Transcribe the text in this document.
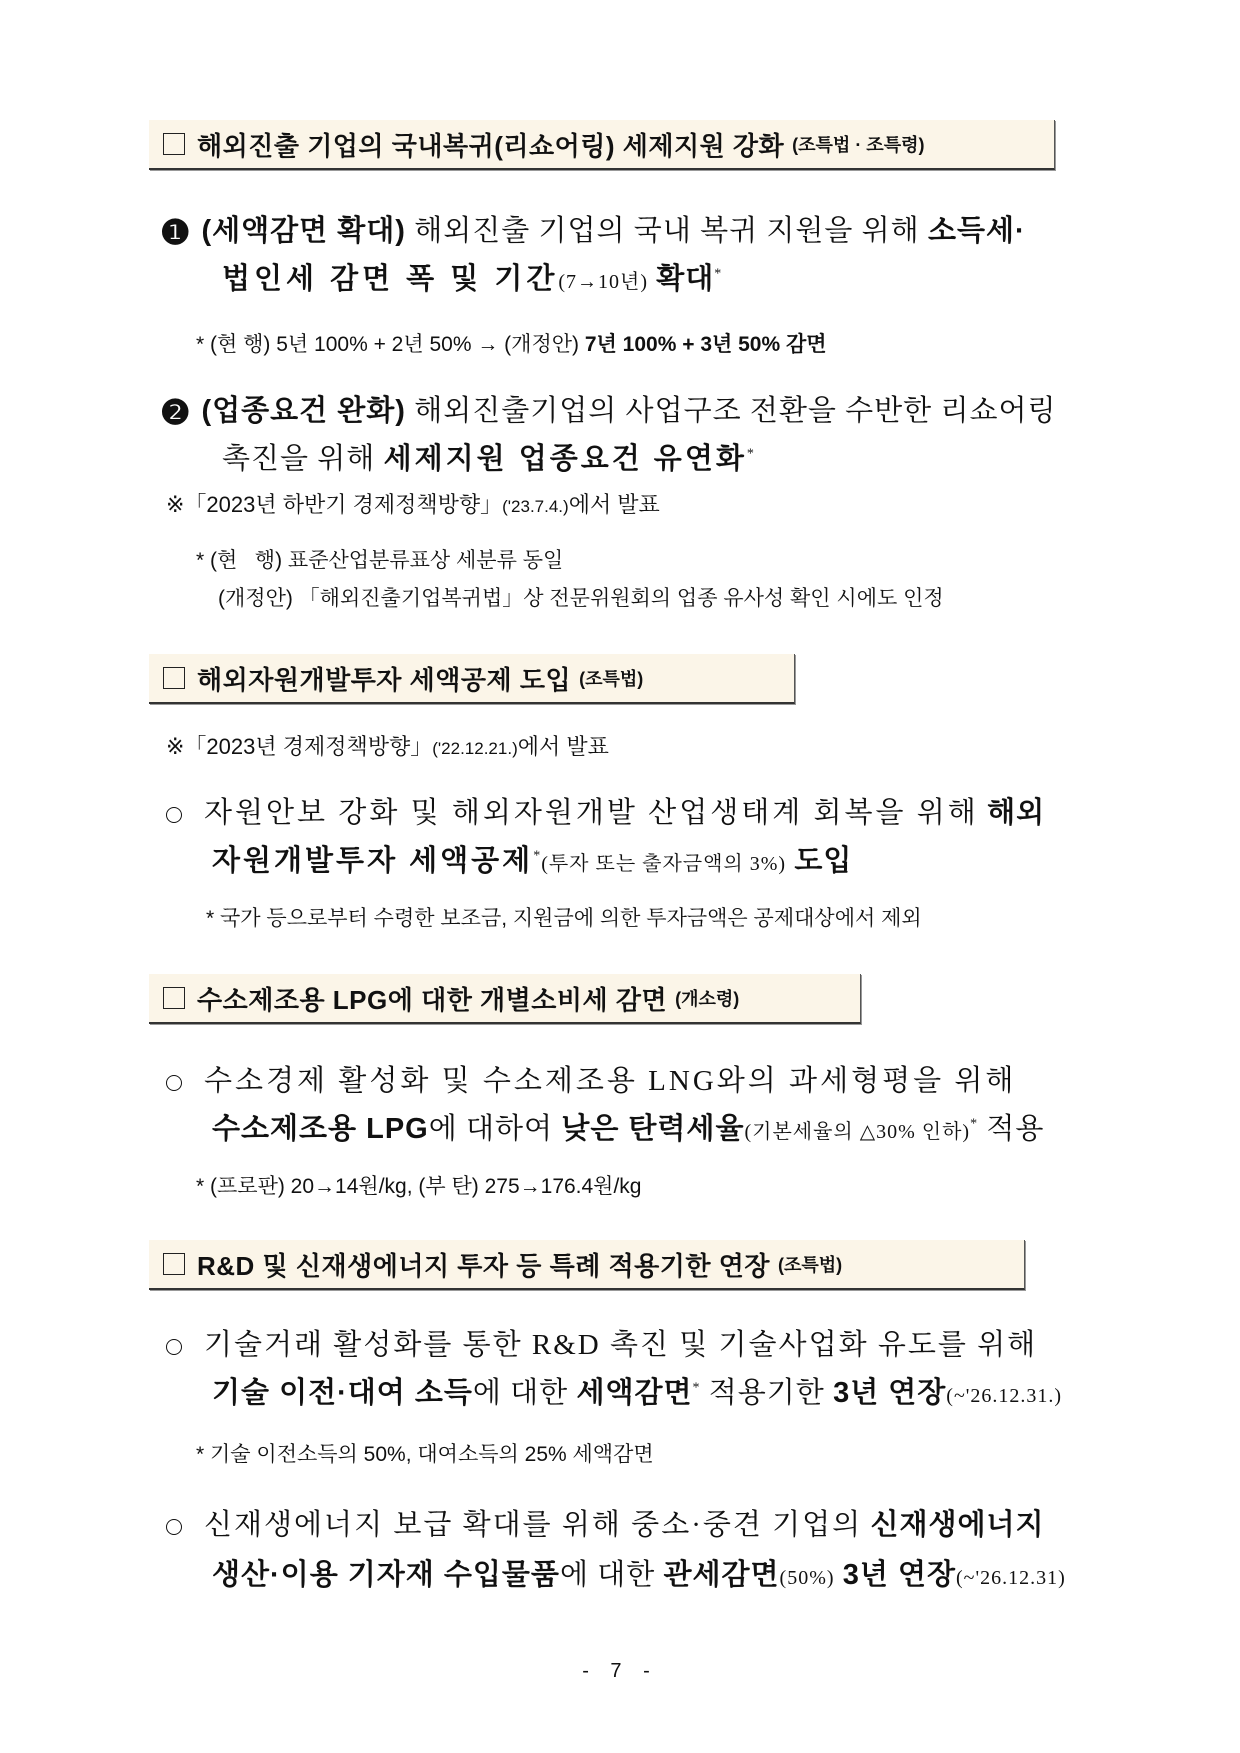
해외진출 기업의 국내복귀(리쇼어링) 세제지원 강화 (조특법 · 조특령)
❶ (세액감면 확대) 해외진출 기업의 국내 복귀 지원을 위해 소득세·
법인세 감면 폭 및 기간(7→10년) 확대*
* (현 행) 5년 100% + 2년 50% → (개정안) 7년 100% + 3년 50% 감면
❷ (업종요건 완화) 해외진출기업의 사업구조 전환을 수반한 리쇼어링
촉진을 위해 세제지원 업종요건 유연화*
※「2023년 하반기 경제정책방향」('23.7.4.)에서 발표
* (현   행) 표준산업분류표상 세분류 동일
(개정안) 「해외진출기업복귀법」상 전문위원회의 업종 유사성 확인 시에도 인정
해외자원개발투자 세액공제 도입 (조특법)
※「2023년 경제정책방향」('22.12.21.)에서 발표
자원안보 강화 및 해외자원개발 산업생태계 회복을 위해 해외
자원개발투자 세액공제*(투자 또는 출자금액의 3%) 도입
* 국가 등으로부터 수령한 보조금, 지원금에 의한 투자금액은 공제대상에서 제외
수소제조용 LPG에 대한 개별소비세 감면 (개소령)
수소경제 활성화 및 수소제조용 LNG와의 과세형평을 위해
수소제조용 LPG에 대하여 낮은 탄력세율(기본세율의 △30% 인하)* 적용
* (프로판) 20→14원/kg, (부 탄) 275→176.4원/kg
R&D 및 신재생에너지 투자 등 특례 적용기한 연장 (조특법)
기술거래 활성화를 통한 R&D 촉진 및 기술사업화 유도를 위해
기술 이전·대여 소득에 대한 세액감면* 적용기한 3년 연장(~'26.12.31.)
* 기술 이전소득의 50%, 대여소득의 25% 세액감면
신재생에너지 보급 확대를 위해 중소·중견 기업의 신재생에너지
생산·이용 기자재 수입물품에 대한 관세감면(50%) 3년 연장(~'26.12.31)
- 7 -
